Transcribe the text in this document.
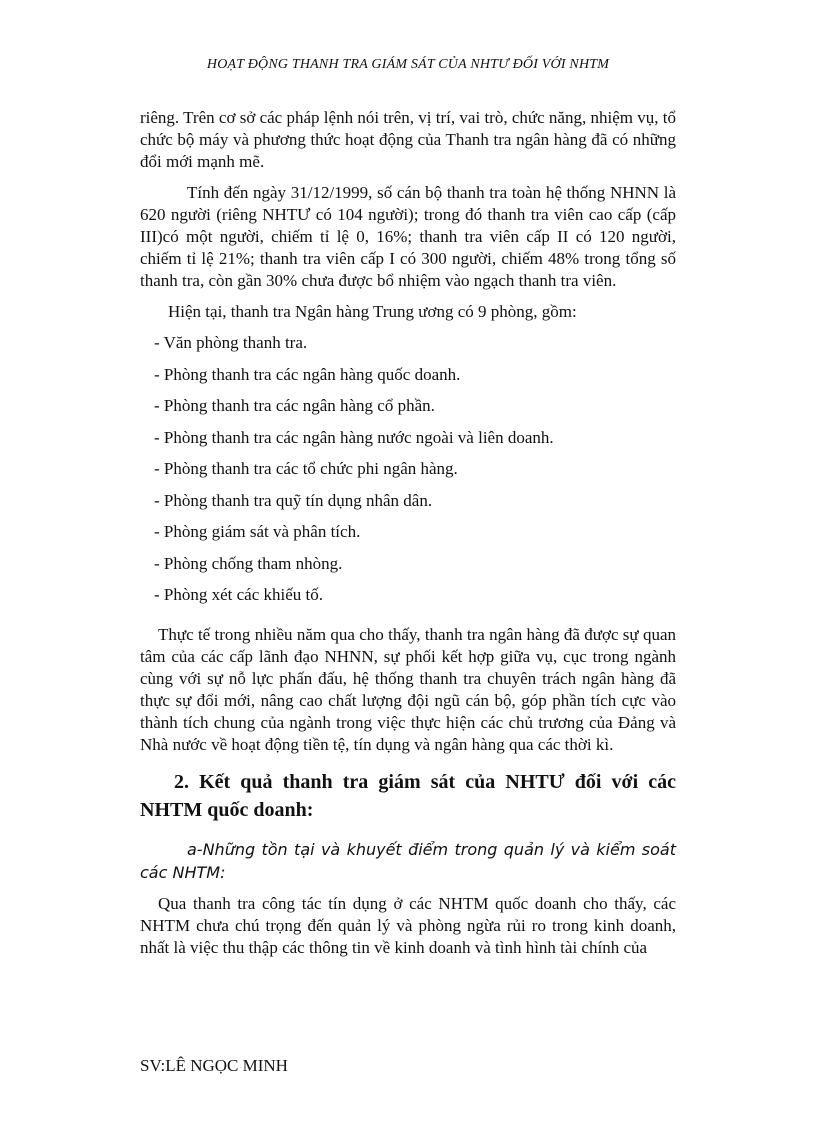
HOẠT ĐỘNG THANH TRA GIÁM SÁT CỦA NHTƯ ĐỐI VỚI NHTM

riêng. Trên cơ sở các pháp lệnh nói trên, vị trí, vai trò, chức năng, nhiệm vụ, tổ chức bộ máy và phương thức hoạt động của Thanh tra ngân hàng đã có những đổi mới mạnh mẽ.

Tính đến ngày 31/12/1999, số cán bộ thanh tra toàn hệ thống NHNN là 620 người (riêng NHTƯ có 104 người); trong đó thanh tra viên cao cấp (cấp III)có một người, chiếm tỉ lệ 0, 16%; thanh tra viên cấp II có 120 người, chiếm tỉ lệ 21%; thanh tra viên cấp I có 300 người, chiếm 48% trong tổng số thanh tra, còn gần 30% chưa được bổ nhiệm vào ngạch thanh tra viên.

Hiện tại, thanh tra Ngân hàng Trung ương có 9 phòng, gồm:

- Văn phòng thanh tra.
- Phòng thanh tra các ngân hàng quốc doanh.
- Phòng thanh tra các ngân hàng cổ phần.
- Phòng thanh tra các ngân hàng nước ngoài và liên doanh.
- Phòng thanh tra các tổ chức phi ngân hàng.
- Phòng thanh tra quỹ tín dụng nhân dân.
- Phòng giám sát và phân tích.
- Phòng chống tham nhòng.
- Phòng xét các khiếu tố.

Thực tế trong nhiều năm qua cho thấy, thanh tra ngân hàng đã được sự quan tâm của các cấp lãnh đạo NHNN, sự phối kết hợp giữa vụ, cục trong ngành cùng với sự nỗ lực phấn đấu, hệ thống thanh tra chuyên trách ngân hàng đã thực sự đổi mới, nâng cao chất lượng đội ngũ cán bộ, góp phần tích cực vào thành tích chung của ngành trong việc thực hiện các chủ trương của Đảng và Nhà nước về hoạt động tiền tệ, tín dụng và ngân hàng qua các thời kì.

2. Kết quả thanh tra giám sát của NHTƯ đối với các NHTM quốc doanh:

a-Những tồn tại và khuyết điểm trong quản lý và kiểm soát các NHTM:

Qua thanh tra công tác tín dụng ở các NHTM quốc doanh cho thấy, các NHTM chưa chú trọng đến quản lý và phòng ngừa rủi ro trong kinh doanh, nhất là việc thu thập các thông tin về kinh doanh và tình hình tài chính của

SV:LÊ NGỌC MINH
